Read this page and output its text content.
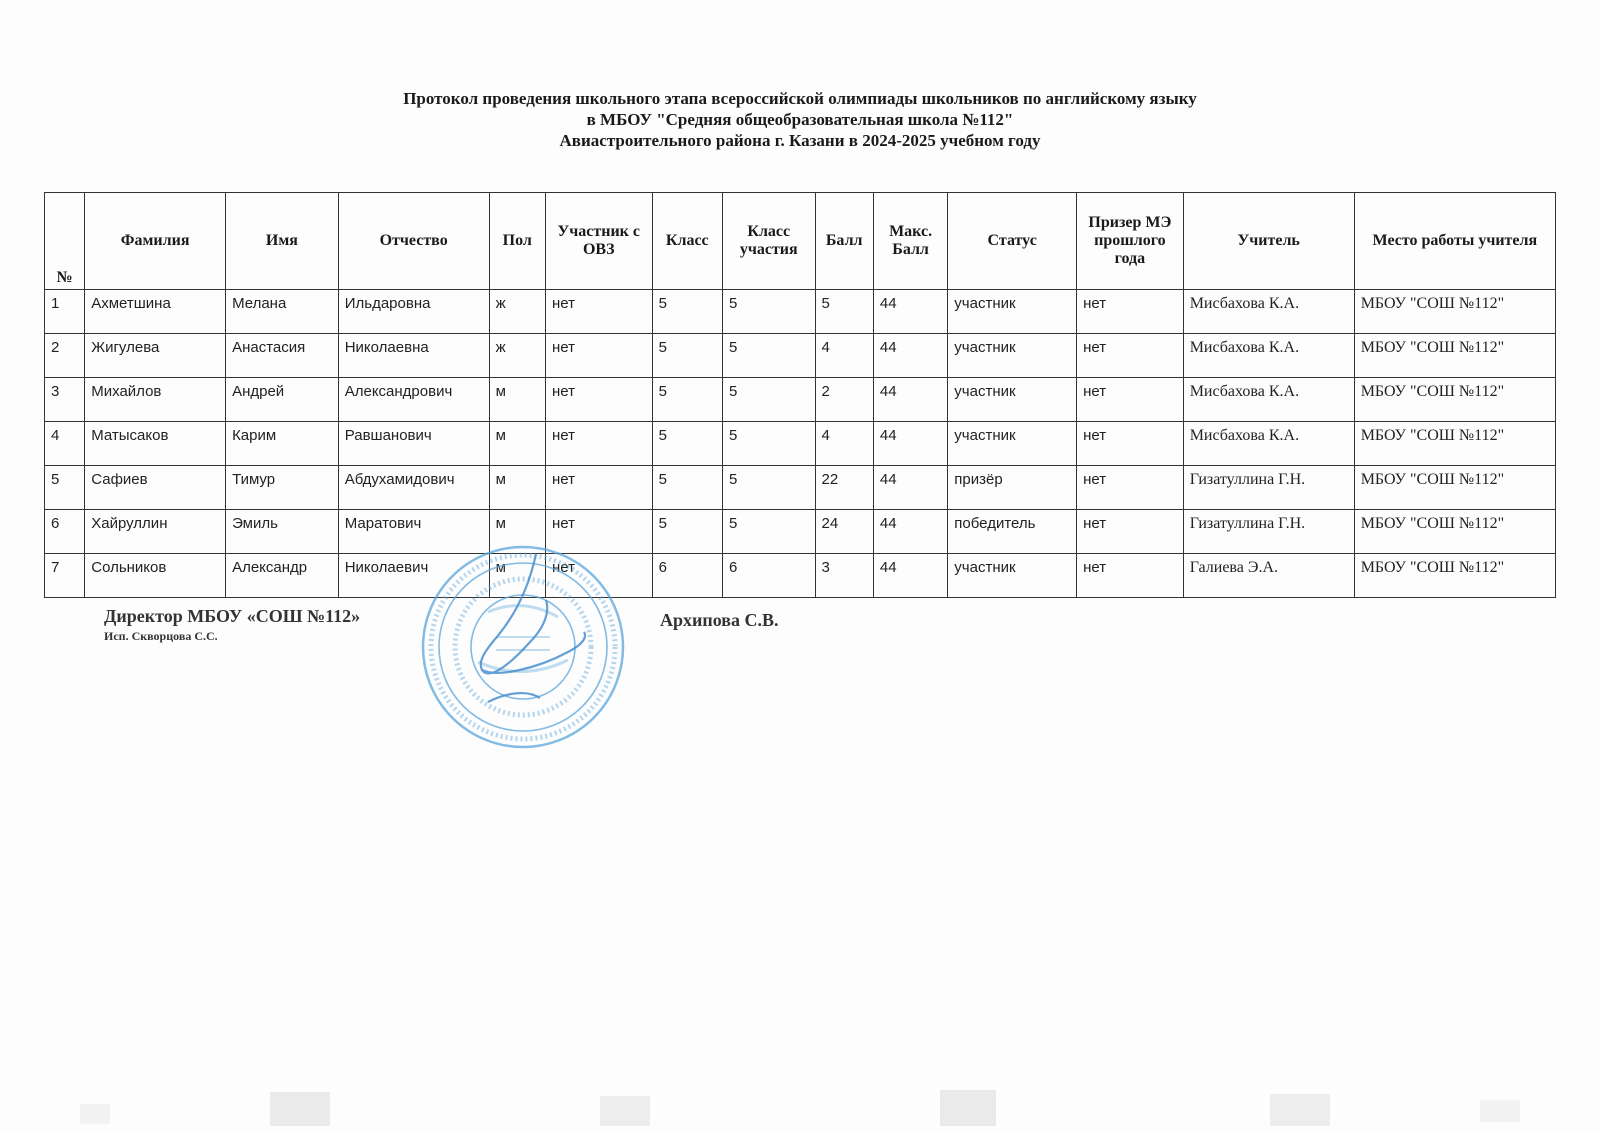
Протокол проведения школьного этапа всероссийской олимпиады школьников по английскому языку
в МБОУ "Средняя общеобразовательная школа №112"
Авиастроительного района г. Казани в 2024-2025 учебном году
№	Фамилия	Имя	Отчество	Пол	Участник с ОВЗ	Класс	Класс участия	Балл	Макс. Балл	Статус	Призер МЭ прошлого года	Учитель	Место работы учителя
1	Ахметшина	Мелана	Ильдаровна	ж	нет	5	5	5	44	участник	нет	Мисбахова К.А.	МБОУ "СОШ №112"
2	Жигулева	Анастасия	Николаевна	ж	нет	5	5	4	44	участник	нет	Мисбахова К.А.	МБОУ "СОШ №112"
3	Михайлов	Андрей	Александрович	м	нет	5	5	2	44	участник	нет	Мисбахова К.А.	МБОУ "СОШ №112"
4	Матысаков	Карим	Равшанович	м	нет	5	5	4	44	участник	нет	Мисбахова К.А.	МБОУ "СОШ №112"
5	Сафиев	Тимур	Абдухамидович	м	нет	5	5	22	44	призёр	нет	Гизатуллина Г.Н.	МБОУ "СОШ №112"
6	Хайруллин	Эмиль	Маратович	м	нет	5	5	24	44	победитель	нет	Гизатуллина Г.Н.	МБОУ "СОШ №112"
7	Сольников	Александр	Николаевич	м	нет	6	6	3	44	участник	нет	Галиева Э.А.	МБОУ "СОШ №112"
Директор МБОУ «СОШ №112»
Исп. Скворцова С.С.
Архипова С.В.
